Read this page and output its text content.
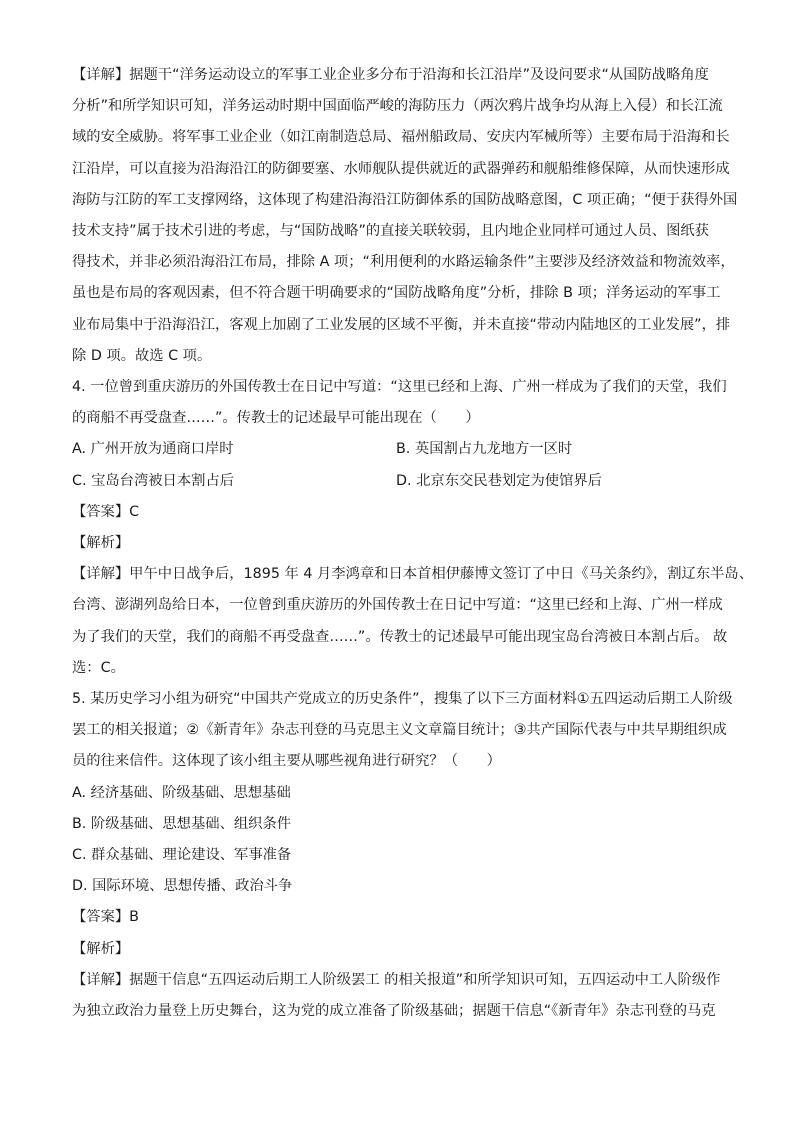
【详解】据题干“洋务运动设立的军事工业企业多分布于沿海和长江沿岸”及设问要求“从国防战略角度
分析”和所学知识可知，洋务运动时期中国面临严峻的海防压力（两次鸦片战争均从海上入侵）和长江流
域的安全威胁。将军事工业企业（如江南制造总局、福州船政局、安庆内军械所等）主要布局于沿海和长
江沿岸，可以直接为沿海沿江的防御要塞、水师舰队提供就近的武器弹药和舰船维修保障，从而快速形成
海防与江防的军工支撑网络，这体现了构建沿海沿江防御体系的国防战略意图，C 项正确；“便于获得外国
技术支持”属于技术引进的考虑，与“国防战略”的直接关联较弱，且内地企业同样可通过人员、图纸获
得技术，并非必须沿海沿江布局，排除 A 项；“利用便利的水路运输条件”主要涉及经济效益和物流效率，
虽也是布局的客观因素，但不符合题干明确要求的“国防战略角度”分析，排除 B 项；洋务运动的军事工
业布局集中于沿海沿江，客观上加剧了工业发展的区域不平衡，并未直接“带动内陆地区的工业发展”，排
除 D 项。故选 C 项。
4. 一位曾到重庆游历的外国传教士在日记中写道：“这里已经和上海、广州一样成为了我们的天堂，我们
的商船不再受盘查……”。传教士的记述最早可能出现在（　　）
A. 广州开放为通商口岸时	B. 英国割占九龙地方一区时
C. 宝岛台湾被日本割占后	D. 北京东交民巷划定为使馆界后
【答案】C
【解析】
【详解】甲午中日战争后，1895 年 4 月李鸿章和日本首相伊藤博文签订了中日《马关条约》，割辽东半岛、
台湾、澎湖列岛给日本，一位曾到重庆游历的外国传教士在日记中写道：“这里已经和上海、广州一样成
为了我们的天堂，我们的商船不再受盘查……”。传教士的记述最早可能出现宝岛台湾被日本割占后。 故
选：C。
5. 某历史学习小组为研究“中国共产党成立的历史条件”，搜集了以下三方面材料①五四运动后期工人阶级
罢工的相关报道；②《新青年》杂志刊登的马克思主义文章篇目统计；③共产国际代表与中共早期组织成
员的往来信件。这体现了该小组主要从哪些视角进行研究？（　　）
A. 经济基础、阶级基础、思想基础
B. 阶级基础、思想基础、组织条件
C. 群众基础、理论建设、军事准备
D. 国际环境、思想传播、政治斗争
【答案】B
【解析】
【详解】据题干信息“五四运动后期工人阶级罢工 的相关报道”和所学知识可知，五四运动中工人阶级作
为独立政治力量登上历史舞台，这为党的成立准备了阶级基础；据题干信息“《新青年》杂志刊登的马克
